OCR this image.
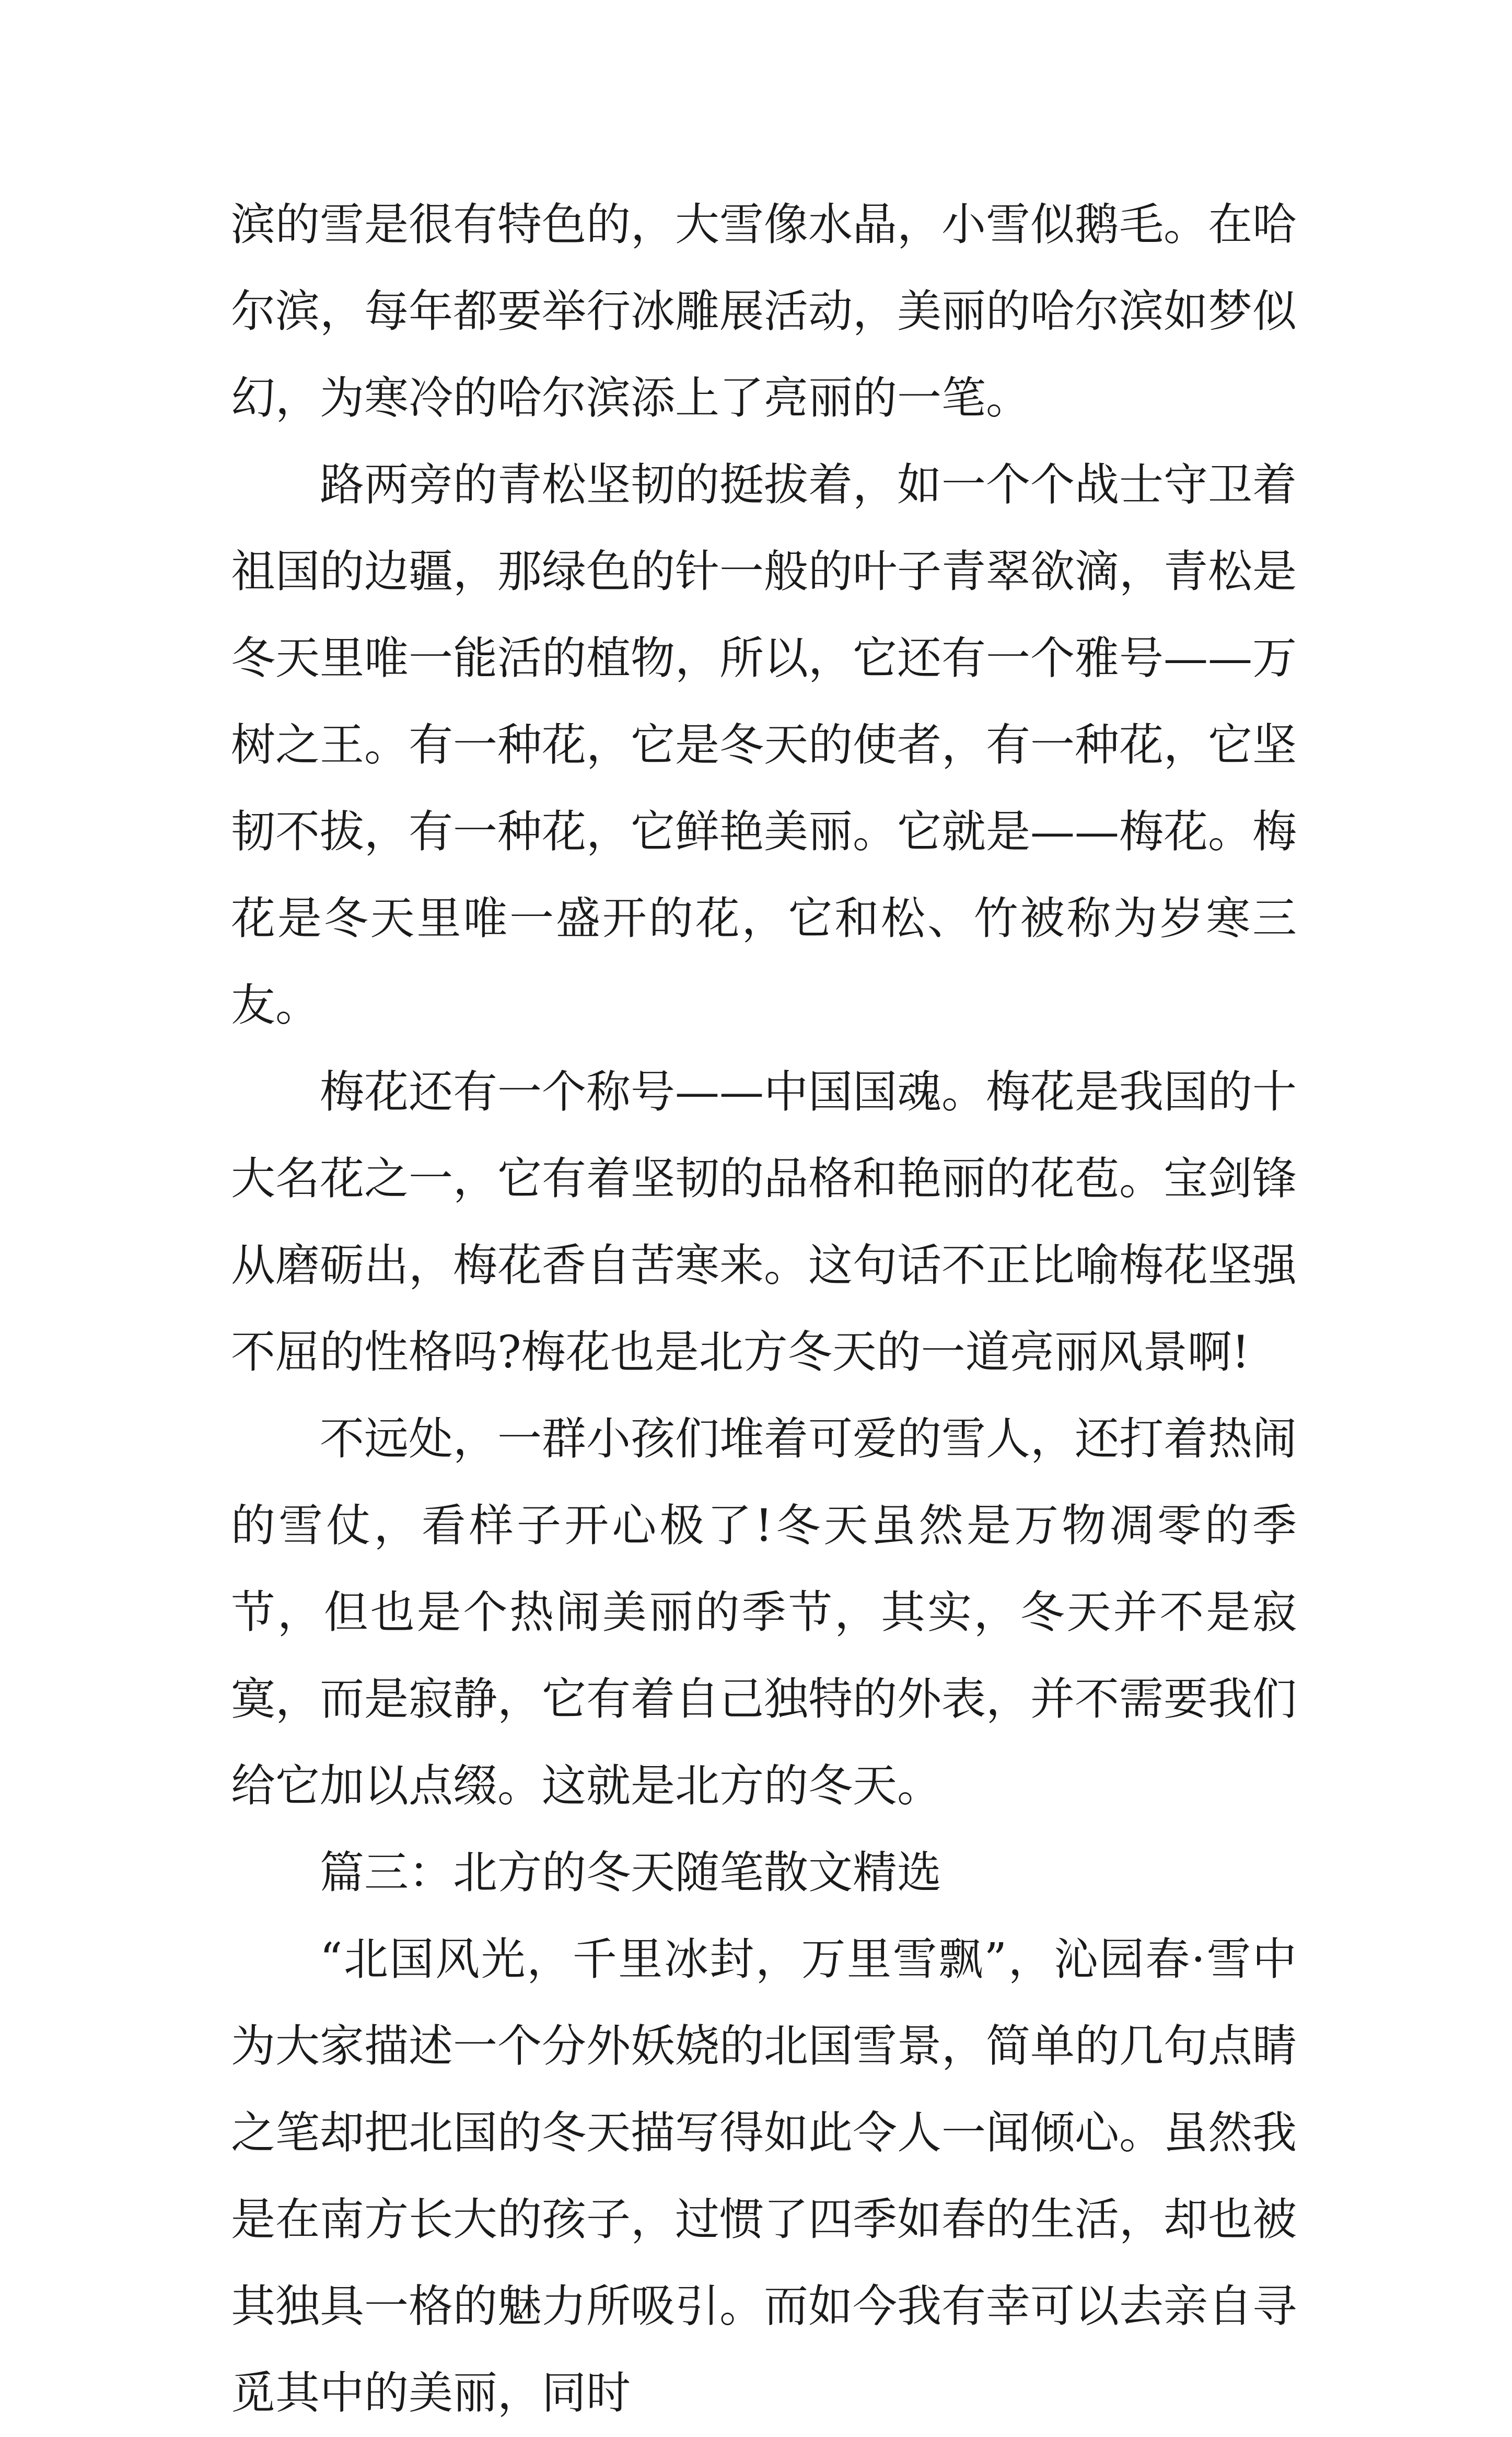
滨的雪是很有特色的，大雪像水晶，小雪似鹅毛。在哈尔滨，每年都要举行冰雕展活动，美丽的哈尔滨如梦似幻，为寒冷的哈尔滨添上了亮丽的一笔。

路两旁的青松坚韧的挺拔着，如一个个战士守卫着祖国的边疆，那绿色的针一般的叶子青翠欲滴，青松是冬天里唯一能活的植物，所以，它还有一个雅号——万树之王。有一种花，它是冬天的使者，有一种花，它坚韧不拔，有一种花，它鲜艳美丽。它就是——梅花。梅花是冬天里唯一盛开的花，它和松、竹被称为岁寒三友。

梅花还有一个称号——中国国魂。梅花是我国的十大名花之一，它有着坚韧的品格和艳丽的花苞。宝剑锋从磨砺出，梅花香自苦寒来。这句话不正比喻梅花坚强不屈的性格吗?梅花也是北方冬天的一道亮丽风景啊!

不远处，一群小孩们堆着可爱的雪人，还打着热闹的雪仗，看样子开心极了!冬天虽然是万物凋零的季节，但也是个热闹美丽的季节，其实，冬天并不是寂寞，而是寂静，它有着自己独特的外表，并不需要我们给它加以点缀。这就是北方的冬天。

篇三：北方的冬天随笔散文精选

“北国风光，千里冰封，万里雪飘”，沁园春·雪中为大家描述一个分外妖娆的北国雪景，简单的几句点睛之笔却把北国的冬天描写得如此令人一闻倾心。虽然我是在南方长大的孩子，过惯了四季如春的生活，却也被其独具一格的魅力所吸引。而如今我有幸可以去亲自寻觅其中的美丽，同时
